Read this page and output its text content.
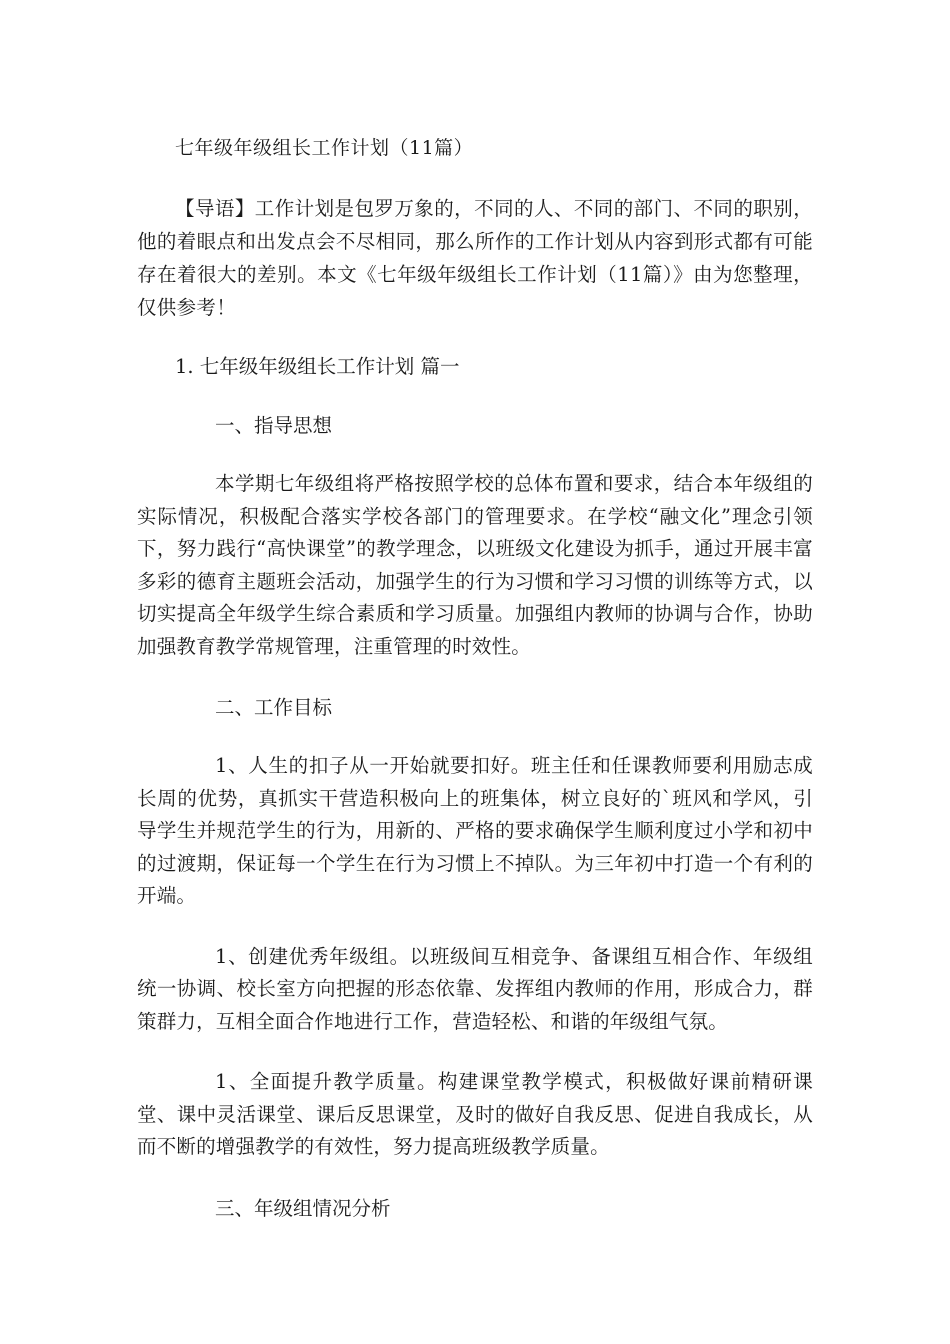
七年级年级组长工作计划（11篇）

【导语】工作计划是包罗万象的，不同的人、不同的部门、不同的职别，他的着眼点和出发点会不尽相同，那么所作的工作计划从内容到形式都有可能存在着很大的差别。本文《七年级年级组长工作计划（11篇）》由为您整理，仅供参考！

1. 七年级年级组长工作计划 篇一
一、指导思想

本学期七年级组将严格按照学校的总体布置和要求，结合本年级组的实际情况，积极配合落实学校各部门的管理要求。在学校“融文化”理念引领下，努力践行“高快课堂”的教学理念，以班级文化建设为抓手，通过开展丰富多彩的德育主题班会活动，加强学生的行为习惯和学习习惯的训练等方式，以切实提高全年级学生综合素质和学习质量。加强组内教师的协调与合作，协助加强教育教学常规管理，注重管理的时效性。

二、工作目标

1、人生的扣子从一开始就要扣好。班主任和任课教师要利用励志成长周的优势，真抓实干营造积极向上的班集体，树立良好的`班风和学风，引导学生并规范学生的行为，用新的、严格的要求确保学生顺利度过小学和初中的过渡期，保证每一个学生在行为习惯上不掉队。为三年初中打造一个有利的开端。

1、创建优秀年级组。以班级间互相竞争、备课组互相合作、年级组统一协调、校长室方向把握的形态依靠、发挥组内教师的作用，形成合力，群策群力，互相全面合作地进行工作，营造轻松、和谐的年级组气氛。

1、全面提升教学质量。构建课堂教学模式，积极做好课前精研课堂、课中灵活课堂、课后反思课堂，及时的做好自我反思、促进自我成长，从而不断的增强教学的有效性，努力提高班级教学质量。

三、年级组情况分析
